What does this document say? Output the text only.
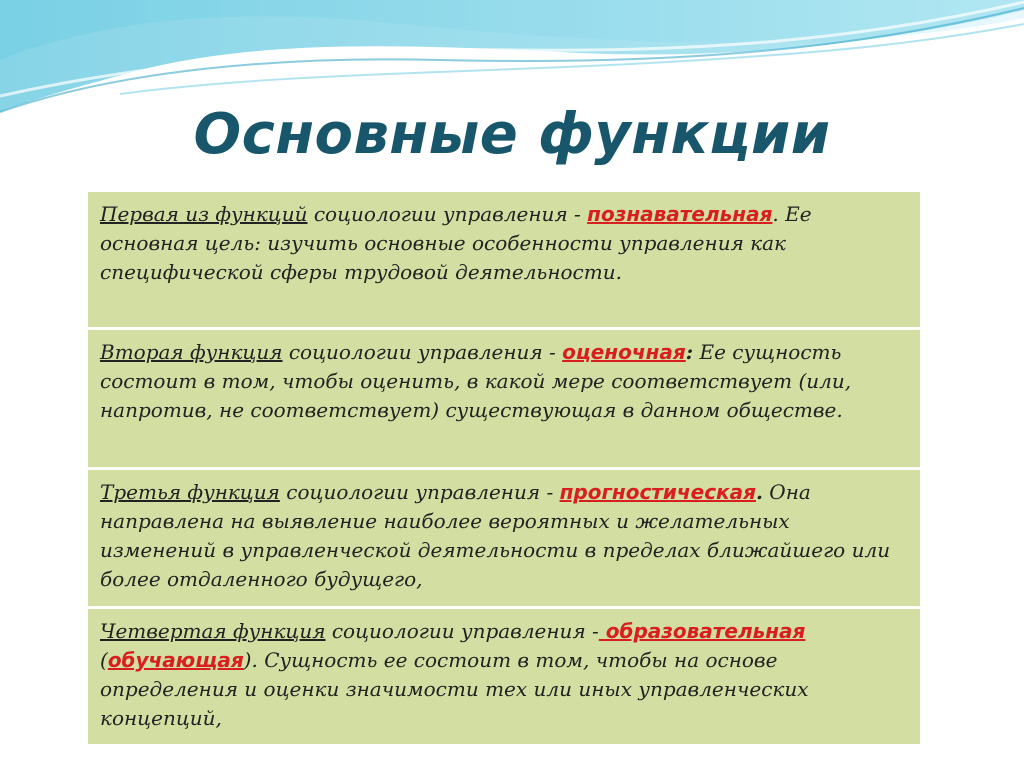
Основные функции
Первая из функций социологии управления - познавательная. Ее основная цель: изучить основные особенности управления как специфической сферы трудовой деятельности.
Вторая функция социологии управления - оценочная: Ее сущность состоит в том, чтобы оценить, в какой мере соответствует (или, напротив, не соответствует) существующая в данном обществе.
Третья функция социологии управления - прогностическая. Она направлена на выявление наиболее вероятных и желательных изменений в управленческой деятельности в пределах ближайшего или более отдаленного будущего,
Четвертая функция социологии управления - образовательная (обучающая). Сущность ее состоит в том, чтобы на основе определения и оценки значимости тех или иных управленческих концепций,
